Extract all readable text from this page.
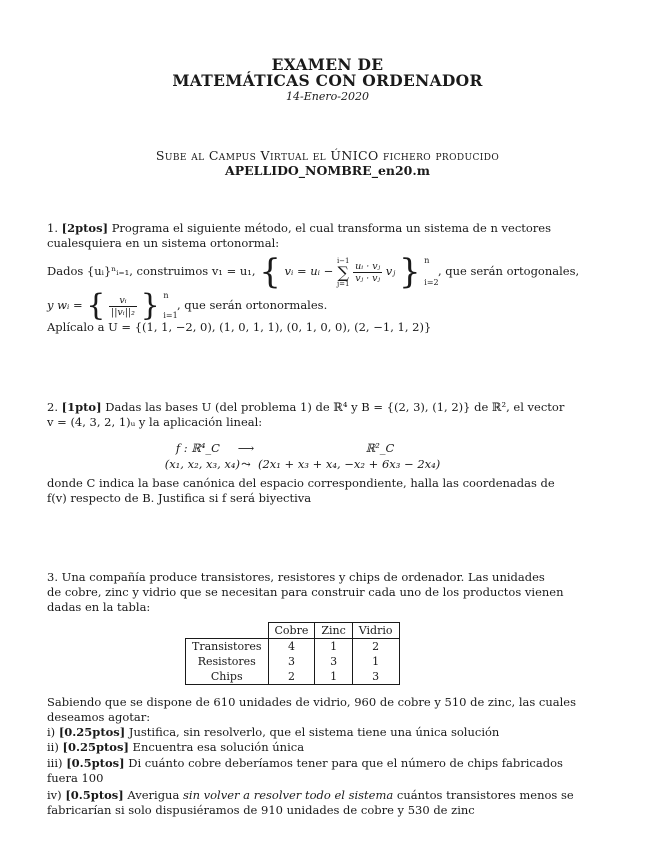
EXAMEN DE
MATEMÁTICAS CON ORDENADOR
14-Enero-2020
Sube al Campus Virtual el ÚNICO fichero producido
APELLIDO_NOMBRE_en20.m
1. [2ptos] Programa el siguiente método, el cual transforma un sistema de n vectores
cualesquiera en un sistema ortonormal:
Dados {uᵢ}ⁿᵢ₌₁, construimos v₁ = u₁, { vᵢ = uᵢ − i−1
∑
$j=1 \frac{\text{uᵢ · vⱼ}}{\text{vⱼ · vⱼ}}$ vⱼ } n
i=2
, que serán ortogonales,
y wᵢ = { $\frac{\text{vᵢ}}{\text{||vᵢ||₂}}$ } n
i=1
, que serán ortonormales.
Aplícalo a U = {(1, 1, −2, 0), (1, 0, 1, 1), (0, 1, 0, 0), (2, −1, 1, 2)}
2. [1pto] Dadas las bases U (del problema 1) de ℝ⁴ y B = {(2, 3), (1, 2)} de ℝ², el vector
v = (4, 3, 2, 1)ᵤ y la aplicación lineal:
f : ℝ⁴_C	⟶	ℝ²_C
(x₁, x₂, x₃, x₄) ⤳ (2x₁ + x₃ + x₄, −x₂ + 6x₃ − 2x₄)
donde C indica la base canónica del espacio correspondiente, halla las coordenadas de
f(v) respecto de B. Justifica si f será biyectiva
3. Una compañía produce transistores, resistores y chips de ordenador. Las unidades
de cobre, zinc y vidrio que se necesitan para construir cada uno de los productos vienen
dadas en la tabla:
	Cobre	Zinc	Vidrio
Transistores	4	1	2
Resistores	3	3	1
Chips	2	1	3
Sabiendo que se dispone de 610 unidades de vidrio, 960 de cobre y 510 de zinc, las cuales
deseamos agotar:
i) [0.25ptos] Justifica, sin resolverlo, que el sistema tiene una única solución
ii) [0.25ptos] Encuentra esa solución única
iii) [0.5ptos] Di cuánto cobre deberíamos tener para que el número de chips fabricados
fuera 100
iv) [0.5ptos] Averigua sin volver a resolver todo el sistema cuántos transistores menos se
fabricarían si solo dispusiéramos de 910 unidades de cobre y 530 de zinc
